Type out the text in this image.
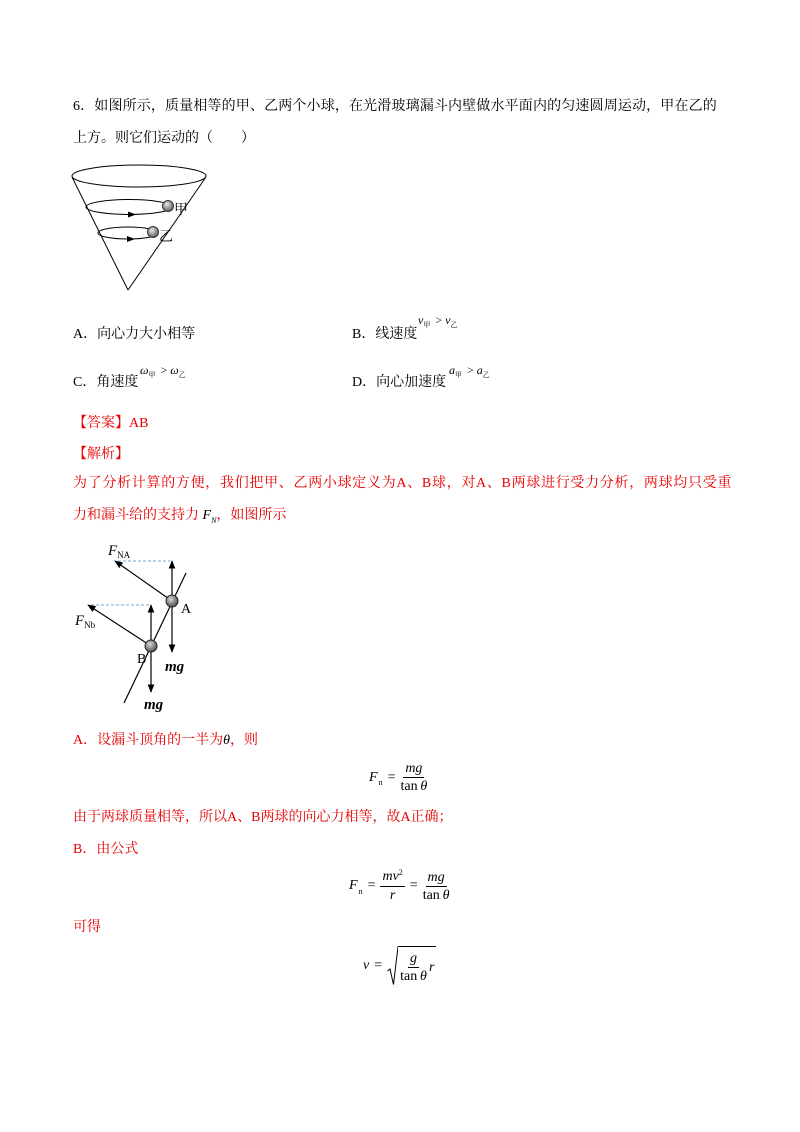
6．如图所示，质量相等的甲、乙两个小球，在光滑玻璃漏斗内壁做水平面内的匀速圆周运动，甲在乙的
上方。则它们运动的（　　）
甲
乙
A．向心力大小相等	B．线速度
$v_甲 > v_乙$
C．角速度
$\omega_甲 > \omega_乙$	D．向心加速度
$a_甲 > a_乙$
【答案】AB
【解析】
为了分析计算的方便，我们把甲、乙两小球定义为A、B球，对A、B两球进行受力分析，两球均只受重
力和漏斗给的支持力 $F_N$，如图所示
$F_{NA}$
A
$F_{Nb}$
B mg
mg
A．设漏斗顶角的一半为θ，则
F $n = \frac{mg}{\text{tan  θ}}$
由于两球质量相等，所以A、B两球的向心力相等，故A正确；
B．由公式
F $n = \frac{mv^2}{r} = \frac{mg}{\text{tan  θ}}$
可得
$v = \frac{g}{\text{tan  θ}}$ r
